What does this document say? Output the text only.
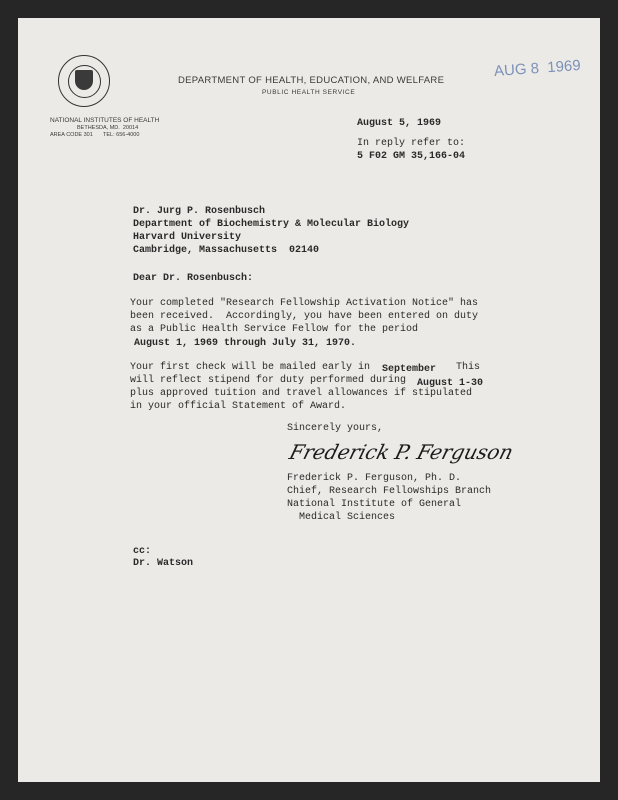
DEPARTMENT OF HEALTH, EDUCATION, AND WELFARE
PUBLIC HEALTH SERVICE
NATIONAL INSTITUTES OF HEALTH
BETHESDA, MD.  20014
AREA CODE 301 TEL: 656-4000
AUG 8 1969
August 5, 1969
In reply refer to:
5 F02 GM 35,166-04
Dr. Jurg P. Rosenbusch
Department of Biochemistry & Molecular Biology
Harvard University
Cambridge, Massachusetts  02140
Dear Dr. Rosenbusch:
Your completed "Research Fellowship Activation Notice" has
been received.  Accordingly, you have been entered on duty
as a Public Health Service Fellow for the period
August 1, 1969 through July 31, 1970.
Your first check will be mailed early in September This
will reflect stipend for duty performed during August 1-30
plus approved tuition and travel allowances if stipulated
in your official Statement of Award.
Sincerely yours,
Frederick P. Ferguson
Frederick P. Ferguson, Ph. D.
Chief, Research Fellowships Branch
National Institute of General
Medical Sciences
cc:
Dr. Watson
